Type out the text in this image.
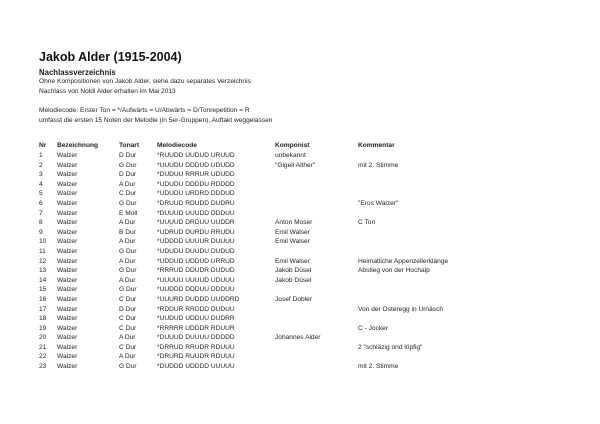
Jakob Alder (1915-2004)
Nachlassverzeichnis
Ohne Kompositionen von Jakob Alder, siehe dazu separates Verzeichnis
Nachlass von Noldi Alder erhalten im Mai 2013
Melodiecode: Erster Ton = */Aufwärts = U/Abwärts = D/Tonrepetition = R
umfasst die ersten 15 Noten der Melodie (in 5er-Gruppen), Auftakt weggelassen
Nr	Bezeichnung	Tonart	Melodiecode	Komponist	Kommentar
1	Walzer	D Dur	*RUUDD UUDUD URUUD	unbekannt	
2	Walzer	G Dur	*UUUDU DDDUD UDUDD	"Gigeli Alther"	mit 2. Stimme
3	Walzer	D Dur	*DUDUU RRRUR UDUDD		
4	Walzer	A Dur	*UDUDU DDDDU RDDDD		
5	Walzer	C Dur	*UDUDU URDRD DDDUD		
6	Walzer	G Dur	*DRUUD RDUDD DUDRU		"Eros Walzer"
7	Walzer	E Moll	*DUUUD UUUDD DDDUU		
8	Walzer	A Dur	*UUUUD DRDUU UUDDR	Anton Moser	C Ton
9	Walzer	B Dur	*UDRUD DURDU RRUDU	Emil Walser	
10	Walzer	A Dur	*UDDDD UUUUR DUUUU	Emil Walser	
11	Walzer	G Dur	*UDUDU DUUDU DUDUD		
12	Walzer	A Dur	*UDDUD UDDUD URRUD	Emil Walser	Heimatliche Appenzellerklänge
13	Walzer	G Dur	*RRRUD DDUDR DUDUD	Jakob Düsel	Abstieg von der Hochalp
14	Walzer	A Dur	*UUUUU UUUUD UDUUU	Jakob Düsel	
15	Walzer	G Dur	*UUDDD DDDUU DDDUU		
16	Walzer	C Dur	*UUURD DUDDD UUDDRD	Josef Dobler	
17	Walzer	D Dur	*RDDUR RRDDD DUDUU		Von der Osteregg in Urnäsch
18	Walzer	C Dur	*UUDUD UDDUU DUDRR		
19	Walzer	C Dur	*RRRRR UDDDR RDUUR		C - Jocker
20	Walzer	A Dur	*DUUUD DUUUU DDDDD	Johannes Alder	
21	Walzer	C Dur	*DRRUD RRUDR RDUUU		2 "schläzig ond löpfig"
22	Walzer	A Dur	*DRURD RUUDR RDUUU		
23	Walzer	G Dur	*DUDDD UDDDD UUUUU		mit 2. Stimme
